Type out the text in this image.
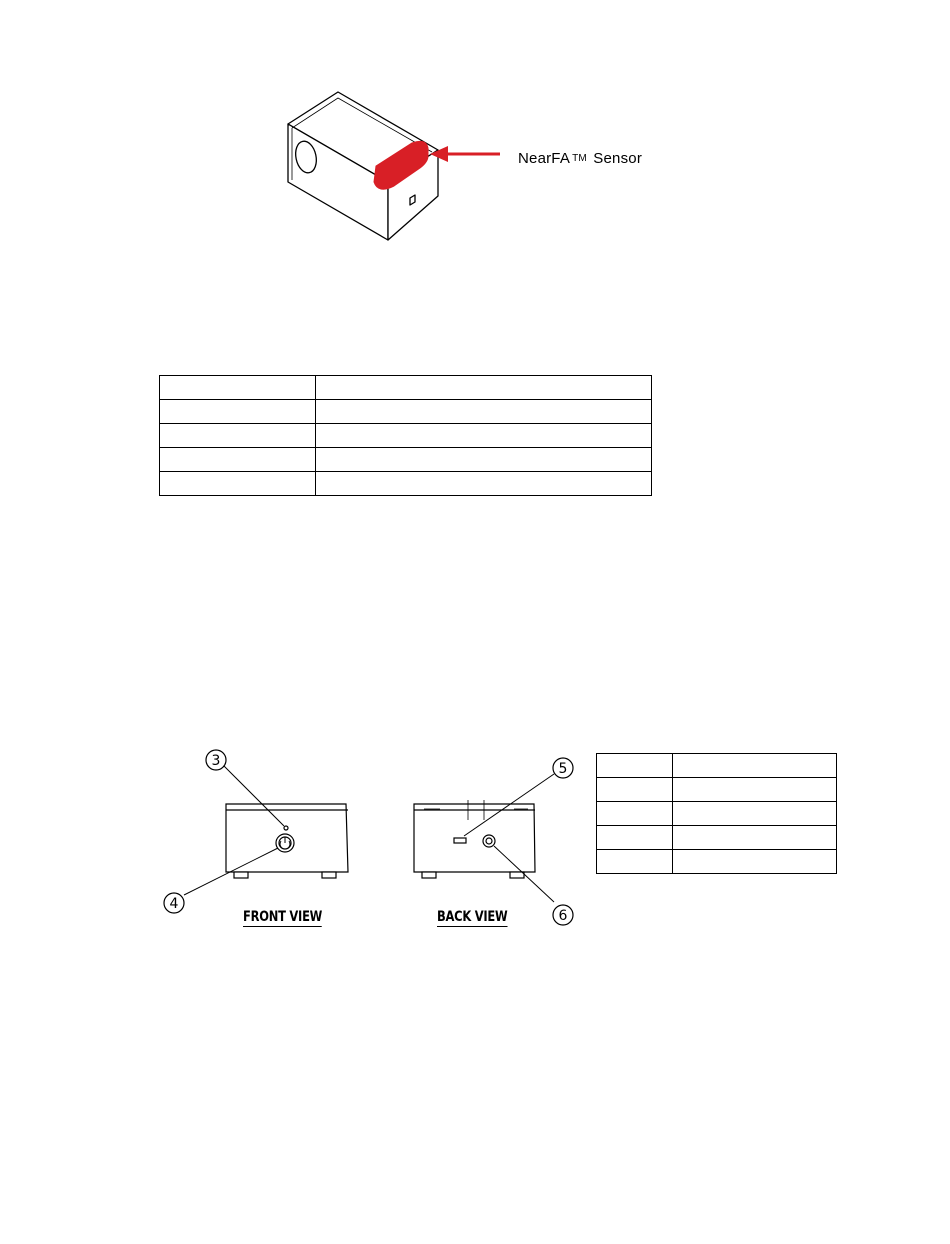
NearFA TM Sensor

3
4
5
6
FRONT VIEW	BACK VIEW
